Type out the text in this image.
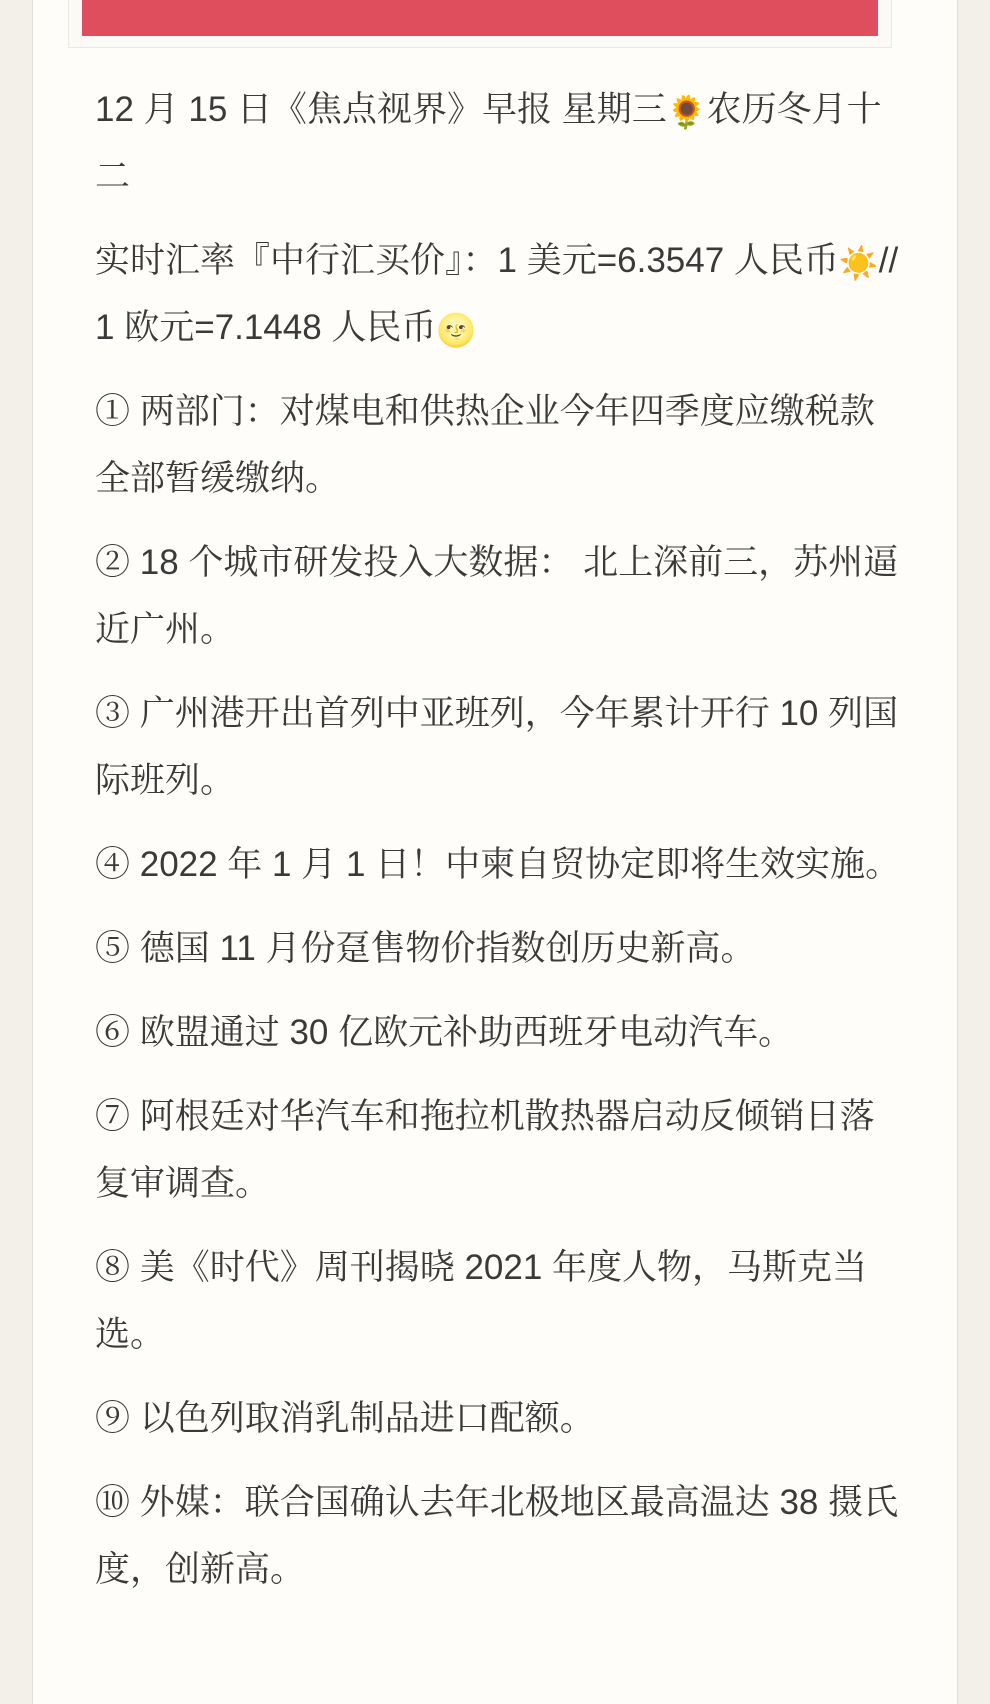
12 月 15 日《焦点视界》早报 星期三🌻农历冬月十二

实时汇率『中行汇买价』：1 美元=6.3547 人民币☀️//1 欧元=7.1448 人民币🌝

① 两部门：对煤电和供热企业今年四季度应缴税款全部暂缓缴纳。

② 18 个城市研发投入大数据： 北上深前三，苏州逼近广州。

③ 广州港开出首列中亚班列，今年累计开行 10 列国际班列。

④ 2022 年 1 月 1 日！中柬自贸协定即将生效实施。

⑤ 德国 11 月份趸售物价指数创历史新高。

⑥ 欧盟通过 30 亿欧元补助西班牙电动汽车。

⑦ 阿根廷对华汽车和拖拉机散热器启动反倾销日落复审调查。

⑧ 美《时代》周刊揭晓 2021 年度人物，马斯克当选。

⑨ 以色列取消乳制品进口配额。

⑩ 外媒：联合国确认去年北极地区最高温达 38 摄氏度，创新高。
